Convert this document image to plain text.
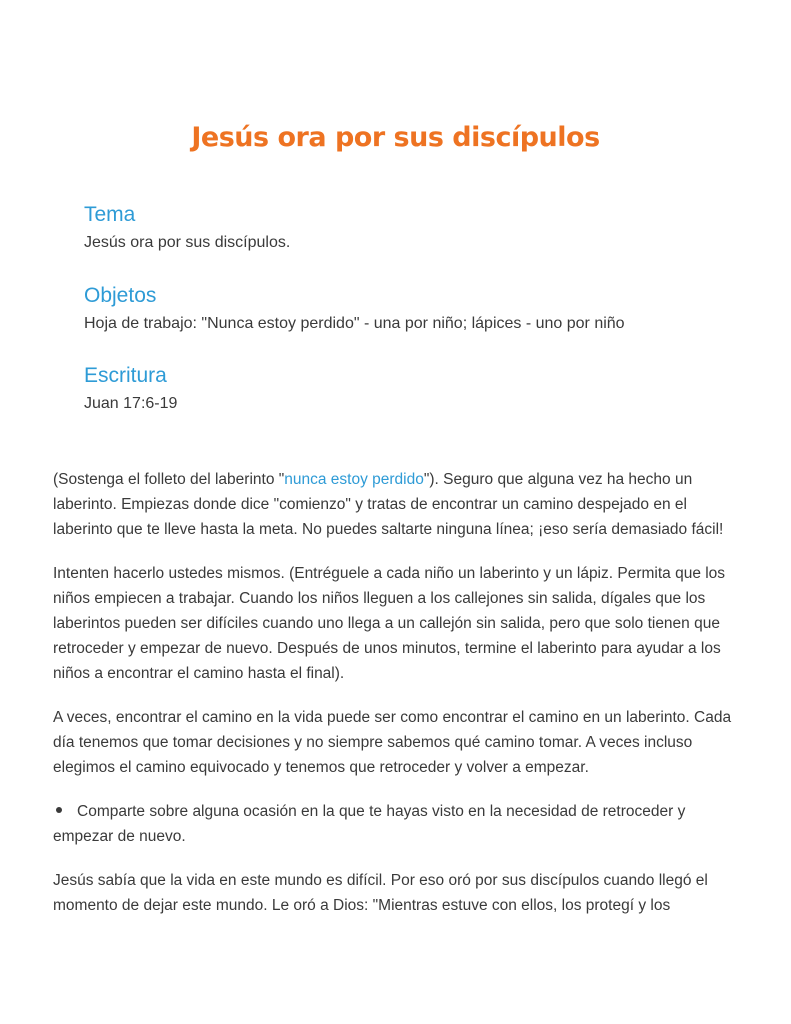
Jesús ora por sus discípulos
Tema
Jesús ora por sus discípulos.
Objetos
Hoja de trabajo: "Nunca estoy perdido" - una por niño; lápices - uno por niño
Escritura
Juan 17:6-19

(Sostenga el folleto del laberinto "nunca estoy perdido"). Seguro que alguna vez ha hecho un laberinto. Empiezas donde dice "comienzo" y tratas de encontrar un camino despejado en el laberinto que te lleve hasta la meta. No puedes saltarte ninguna línea; ¡eso sería demasiado fácil!

Intenten hacerlo ustedes mismos. (Entréguele a cada niño un laberinto y un lápiz. Permita que los niños empiecen a trabajar. Cuando los niños lleguen a los callejones sin salida, dígales que los laberintos pueden ser difíciles cuando uno llega a un callejón sin salida, pero que solo tienen que retroceder y empezar de nuevo. Después de unos minutos, termine el laberinto para ayudar a los niños a encontrar el camino hasta el final).

A veces, encontrar el camino en la vida puede ser como encontrar el camino en un laberinto. Cada día tenemos que tomar decisiones y no siempre sabemos qué camino tomar. A veces incluso elegimos el camino equivocado y tenemos que retroceder y volver a empezar.

Comparte sobre alguna ocasión en la que te hayas visto en la necesidad de retroceder y empezar de nuevo.

Jesús sabía que la vida en este mundo es difícil. Por eso oró por sus discípulos cuando llegó el momento de dejar este mundo. Le oró a Dios: "Mientras estuve con ellos, los protegí y los
